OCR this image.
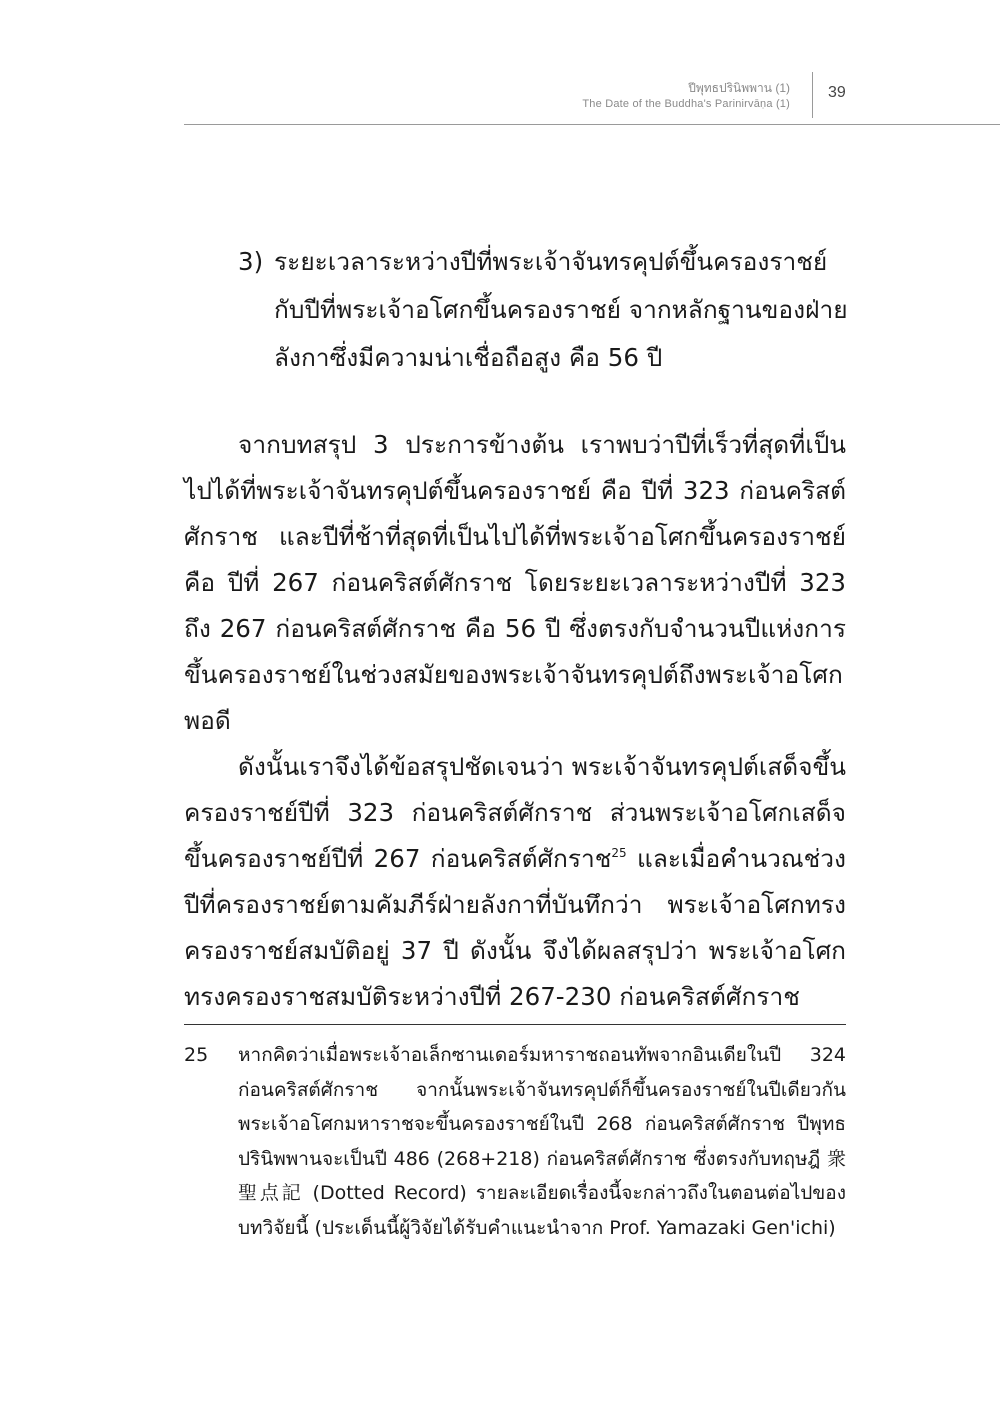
ปีพุทธปรินิพพาน (1)
The Date of the Buddha's Parinirvāṇa (1)
39
3) ระยะเวลาระหว่างปีที่พระเจ้าจันทรคุปต์ขึ้นครองราชย์กับปีที่พระเจ้าอโศกขึ้นครองราชย์ จากหลักฐานของฝ่ายลังกาซึ่งมีความน่าเชื่อถือสูง คือ 56 ปี

จากบทสรุป 3 ประการข้างต้น เราพบว่าปีที่เร็วที่สุดที่เป็นไปได้ที่พระเจ้าจันทรคุปต์ขึ้นครองราชย์ คือ ปีที่ 323 ก่อนคริสต์ศักราช และปีที่ช้าที่สุดที่เป็นไปได้ที่พระเจ้าอโศกขึ้นครองราชย์ คือ ปีที่ 267 ก่อนคริสต์ศักราช โดยระยะเวลาระหว่างปีที่ 323 ถึง 267 ก่อนคริสต์ศักราช คือ 56 ปี ซึ่งตรงกับจำนวนปีแห่งการขึ้นครองราชย์ในช่วงสมัยของพระเจ้าจันทรคุปต์ถึงพระเจ้าอโศกพอดี

ดังนั้นเราจึงได้ข้อสรุปชัดเจนว่า พระเจ้าจันทรคุปต์เสด็จขึ้นครองราชย์ปีที่ 323 ก่อนคริสต์ศักราช ส่วนพระเจ้าอโศกเสด็จขึ้นครองราชย์ปีที่ 267 ก่อนคริสต์ศักราช$^{25}$ และเมื่อคำนวณช่วงปีที่ครองราชย์ตามคัมภีร์ฝ่ายลังกาที่บันทึกว่า พระเจ้าอโศกทรงครองราชย์สมบัติอยู่ 37 ปี ดังนั้น จึงได้ผลสรุปว่า พระเจ้าอโศกทรงครองราชสมบัติระหว่างปีที่ 267-230 ก่อนคริสต์ศักราช

25 หากคิดว่าเมื่อพระเจ้าอเล็กซานเดอร์มหาราชถอนทัพจากอินเดียในปี 324 ก่อนคริสต์ศักราช จากนั้นพระเจ้าจันทรคุปต์ก็ขึ้นครองราชย์ในปีเดียวกัน พระเจ้าอโศกมหาราชจะขึ้นครองราชย์ในปี 268 ก่อนคริสต์ศักราช ปีพุทธปรินิพพานจะเป็นปี 486 (268+218) ก่อนคริสต์ศักราช ซึ่งตรงกับทฤษฎี 衆聖点記 (Dotted Record) รายละเอียดเรื่องนี้จะกล่าวถึงในตอนต่อไปของบทวิจัยนี้ (ประเด็นนี้ผู้วิจัยได้รับคำแนะนำจาก Prof. Yamazaki Gen'ichi)
